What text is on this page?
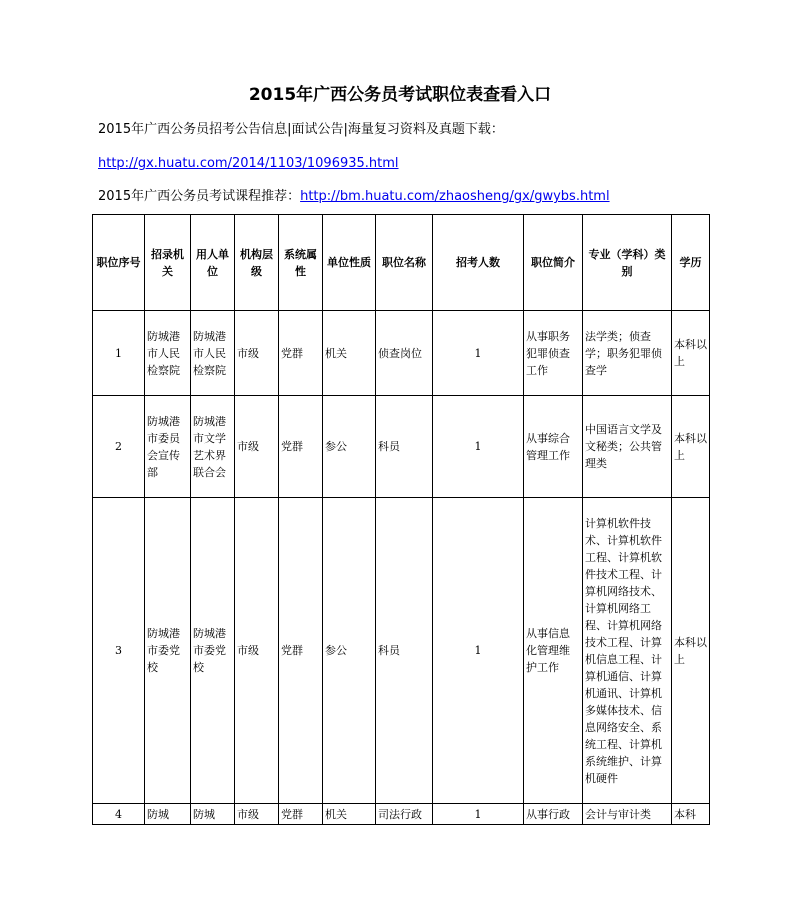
2015年广西公务员考试职位表查看入口
2015年广西公务员招考公告信息|面试公告|海量复习资料及真题下载：
http://gx.huatu.com/2014/1103/1096935.html
2015年广西公务员考试课程推荐：http://bm.huatu.com/zhaosheng/gx/gwybs.html
职位序号	招录机关	用人单位	机构层级	系统属性	单位性质	职位名称	招考人数	职位简介	专业（学科）类别	学历
1	防城港市人民检察院	防城港市人民检察院	市级	党群	机关	侦查岗位	1	从事职务犯罪侦查工作	法学类；侦查学；职务犯罪侦查学	本科以上
2	防城港市委员会宣传部	防城港市文学艺术界联合会	市级	党群	参公	科员	1	从事综合管理工作	中国语言文学及文秘类；公共管理类	本科以上
3	防城港市委党校	防城港市委党校	市级	党群	参公	科员	1	从事信息化管理维护工作	计算机软件技术、计算机软件工程、计算机软件技术工程、计算机网络技术、计算机网络工程、计算机网络技术工程、计算机信息工程、计算机通信、计算机通讯、计算机多媒体技术、信息网络安全、系统工程、计算机系统维护、计算机硬件	本科以上
4	防城	防城	市级	党群	机关	司法行政	1	从事行政	会计与审计类	本科
